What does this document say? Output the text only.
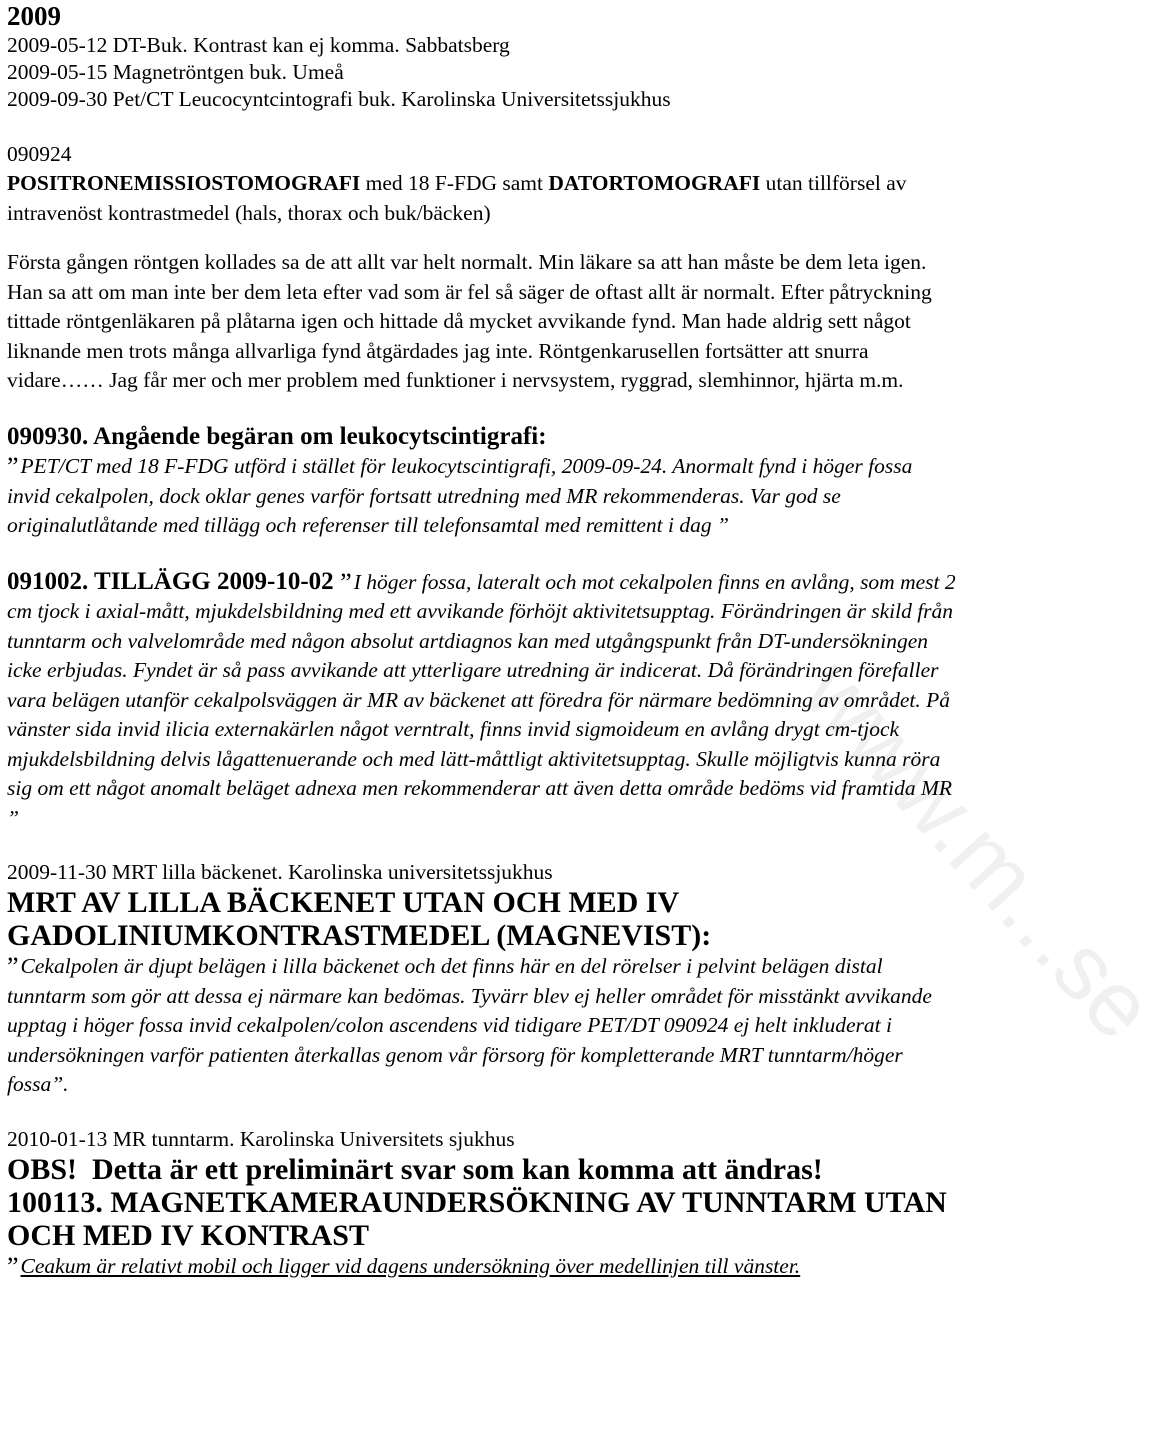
www.m...se

2009

2009-05-12 DT-Buk. Kontrast kan ej komma. Sabbatsberg

2009-05-15 Magnetröntgen buk. Umeå

2009-09-30 Pet/CT Leucocyntcintografi buk. Karolinska Universitetssjukhus

090924

POSITRONEMISSIOSTOMOGRAFI med 18 F-FDG samt DATORTOMOGRAFI utan tillförsel av intravenöst kontrastmedel (hals, thorax och buk/bäcken)

Första gången röntgen kollades sa de att allt var helt normalt. Min läkare sa att han måste be dem leta igen. Han sa att om man inte ber dem leta efter vad som är fel så säger de oftast allt är normalt. Efter påtryckning tittade röntgenläkaren på plåtarna igen och hittade då mycket avvikande fynd. Man hade aldrig sett något liknande men trots många allvarliga fynd åtgärdades jag inte. Röntgenkarusellen fortsätter att snurra vidare…… Jag får mer och mer problem med funktioner i nervsystem, ryggrad, slemhinnor, hjärta m.m.

090930. Angående begäran om leukocytscintigrafi:
”PET/CT med 18 F-FDG utförd i stället för leukocytscintigrafi, 2009-09-24. Anormalt fynd i höger fossa invid cekalpolen, dock oklar genes varför fortsatt utredning med MR rekommenderas. Var god se originalutlåtande med tillägg och referenser till telefonsamtal med remittent i dag ”

091002. TILLÄGG 2009-10-02 ”I höger fossa, lateralt och mot cekalpolen finns en avlång, som mest 2 cm tjock i axial-mått, mjukdelsbildning med ett avvikande förhöjt aktivitetsupptag. Förändringen är skild från tunntarm och valvelområde med någon absolut artdiagnos kan med utgångspunkt från DT-undersökningen icke erbjudas. Fyndet är så pass avvikande att ytterligare utredning är indicerat. Då förändringen förefaller vara belägen utanför cekalpolsväggen är MR av bäckenet att föredra för närmare bedömning av området. På vänster sida invid ilicia externakärlen något verntralt, finns invid sigmoideum en avlång drygt cm-tjock mjukdelsbildning delvis lågattenuerande och med lätt-måttligt aktivitetsupptag. Skulle möjligtvis kunna röra sig om ett något anomalt beläget adnexa men rekommenderar att även detta område bedöms vid framtida MR ”

2009-11-30 MRT lilla bäckenet. Karolinska universitetssjukhus

MRT AV LILLA BÄCKENET UTAN OCH MED IV GADOLINIUMKONTRASTMEDEL (MAGNEVIST):

”Cekalpolen är djupt belägen i lilla bäckenet och det finns här en del rörelser i pelvint belägen distal tunntarm som gör att dessa ej närmare kan bedömas. Tyvärr blev ej heller området för misstänkt avvikande upptag i höger fossa invid cekalpolen/colon ascendens vid tidigare PET/DT 090924 ej helt inkluderat i undersökningen varför patienten återkallas genom vår försorg för kompletterande MRT tunntarm/höger fossa”.

2010-01-13 MR tunntarm. Karolinska Universitets sjukhus

OBS!  Detta är ett preliminärt svar som kan komma att ändras!

100113. MAGNETKAMERAUNDERSÖKNING AV TUNNTARM UTAN OCH MED IV KONTRAST

”Ceakum är relativt mobil och ligger vid dagens undersökning över medellinjen till vänster.
